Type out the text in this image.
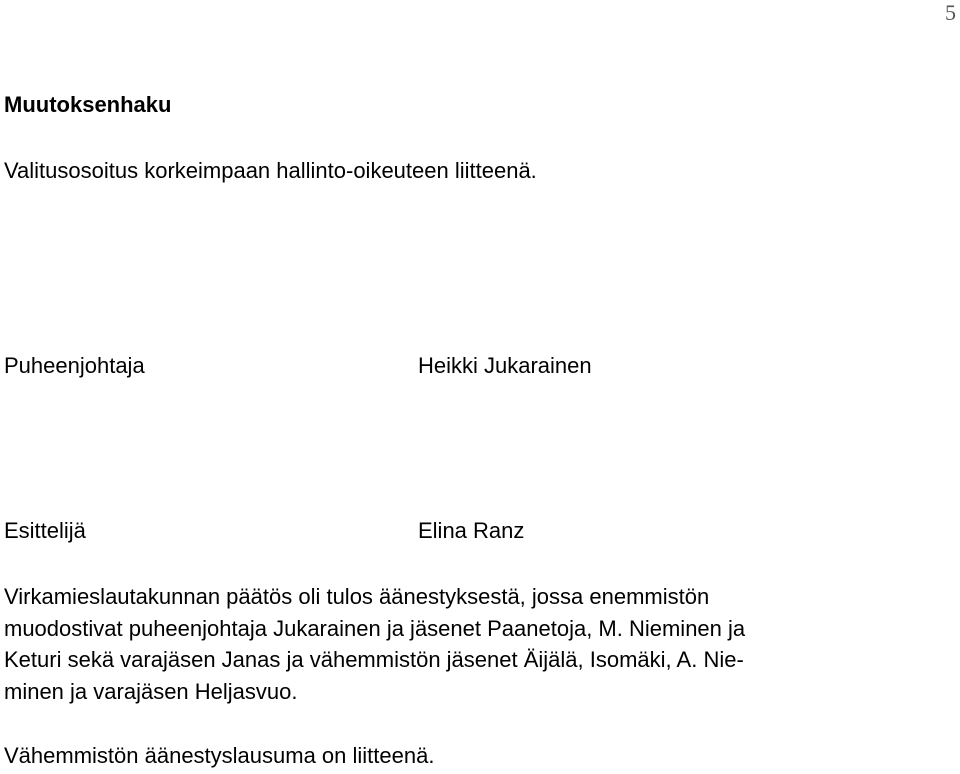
5
Muutoksenhaku
Valitusosoitus korkeimpaan hallinto-oikeuteen liitteenä.
Puheenjohtaja	Heikki Jukarainen
Esittelijä	Elina Ranz
Virkamieslautakunnan päätös oli tulos äänestyksestä, jossa enemmistön
muodostivat puheenjohtaja Jukarainen ja jäsenet Paanetoja, M. Nieminen ja
Keturi sekä varajäsen Janas ja vähemmistön jäsenet Äijälä, Isomäki, A. Nie-
minen ja varajäsen Heljasvuo.
Vähemmistön äänestyslausuma on liitteenä.
